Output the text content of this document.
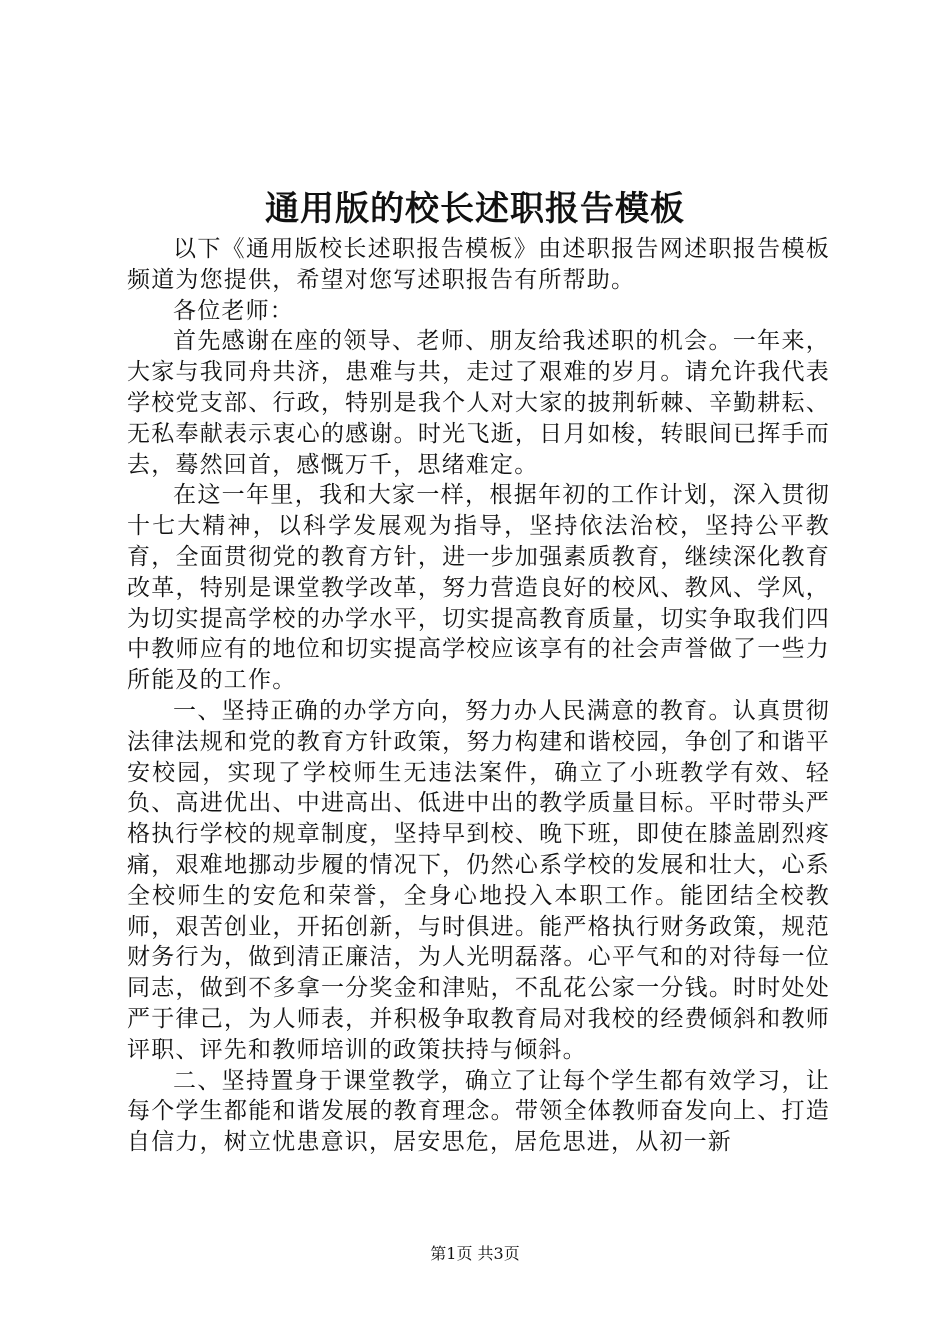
通用版的校长述职报告模板

以下《通用版校长述职报告模板》由述职报告网述职报告模板频道为您提供，希望对您写述职报告有所帮助。

各位老师：

首先感谢在座的领导、老师、朋友给我述职的机会。一年来，大家与我同舟共济，患难与共，走过了艰难的岁月。请允许我代表学校党支部、行政，特别是我个人对大家的披荆斩棘、辛勤耕耘、无私奉献表示衷心的感谢。时光飞逝，日月如梭，转眼间已挥手而去，蓦然回首，感慨万千，思绪难定。

在这一年里，我和大家一样，根据年初的工作计划，深入贯彻十七大精神，以科学发展观为指导，坚持依法治校，坚持公平教育，全面贯彻党的教育方针，进一步加强素质教育，继续深化教育改革，特别是课堂教学改革，努力营造良好的校风、教风、学风，为切实提高学校的办学水平，切实提高教育质量，切实争取我们四中教师应有的地位和切实提高学校应该享有的社会声誉做了一些力所能及的工作。

一、坚持正确的办学方向，努力办人民满意的教育。认真贯彻法律法规和党的教育方针政策，努力构建和谐校园，争创了和谐平安校园，实现了学校师生无违法案件，确立了小班教学有效、轻负、高进优出、中进高出、低进中出的教学质量目标。平时带头严格执行学校的规章制度，坚持早到校、晚下班，即使在膝盖剧烈疼痛，艰难地挪动步履的情况下，仍然心系学校的发展和壮大，心系全校师生的安危和荣誉，全身心地投入本职工作。能团结全校教师，艰苦创业，开拓创新，与时俱进。能严格执行财务政策，规范财务行为，做到清正廉洁，为人光明磊落。心平气和的对待每一位同志，做到不多拿一分奖金和津贴，不乱花公家一分钱。时时处处严于律己，为人师表，并积极争取教育局对我校的经费倾斜和教师评职、评先和教师培训的政策扶持与倾斜。

二、坚持置身于课堂教学，确立了让每个学生都有效学习，让每个学生都能和谐发展的教育理念。带领全体教师奋发向上、打造自信力，树立忧患意识，居安思危，居危思进，从初一新

第1页 共3页
